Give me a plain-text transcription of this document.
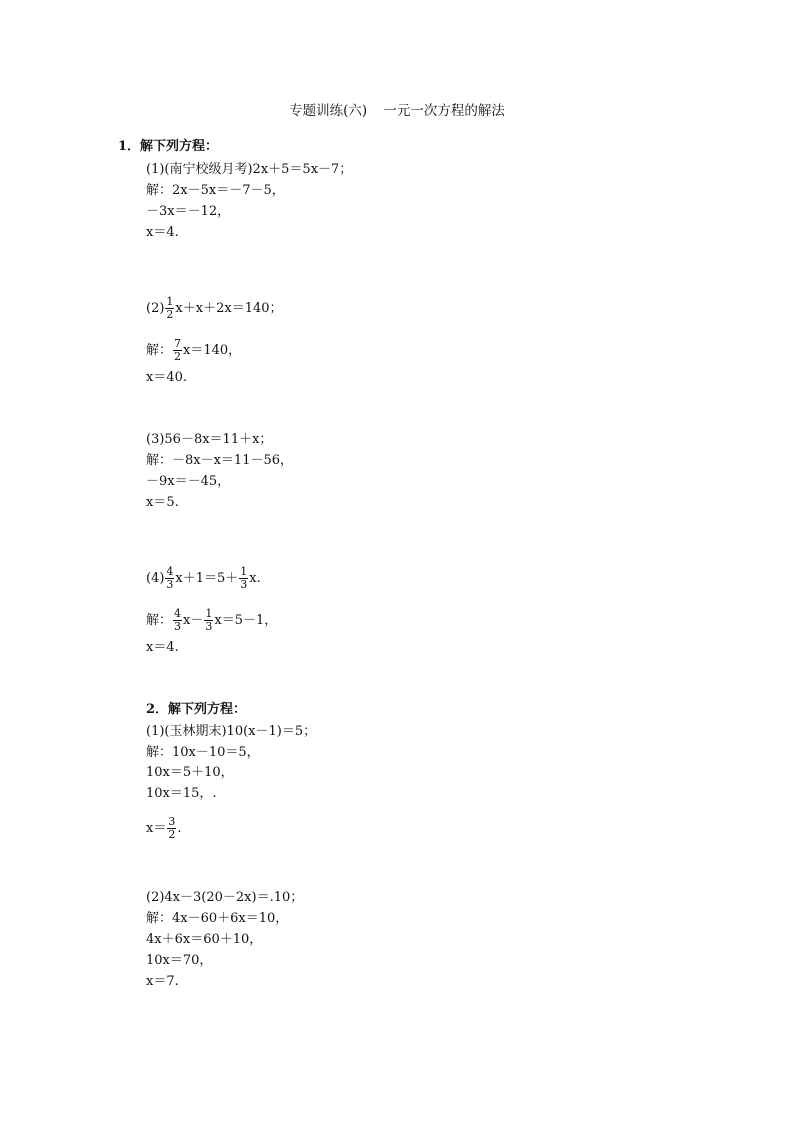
专题训练(六) 一元一次方程的解法
1．解下列方程：
(1)(南宁校级月考)2x＋5＝5x－7；
解：2x－5x＝－7－5，
－3x＝－12，
x＝4.
$(2) \frac{1}{2} x+x+2x=140$；
解： $\frac{7}{2} x=140$，
x＝40.
(3)56－8x＝11＋x；
解：－8x－x＝11－56，
－9x＝－45，
x＝5.
$(4) \frac{4}{3} x+1=5+ \frac{1}{3} x$.
解： $\frac{4}{3} x- \frac{1}{3} x=5-1$，
x＝4.
2．解下列方程：
(1)(玉林期末)10(x－1)＝5；
解：10x－10＝5，
10x＝5＋10，
10x＝15，.
$x= \frac{3}{2}$ .
(2)4x－3(20－2x)＝.10；
解：4x－60＋6x＝10，
4x＋6x＝60＋10，
10x＝70，
x＝7.
